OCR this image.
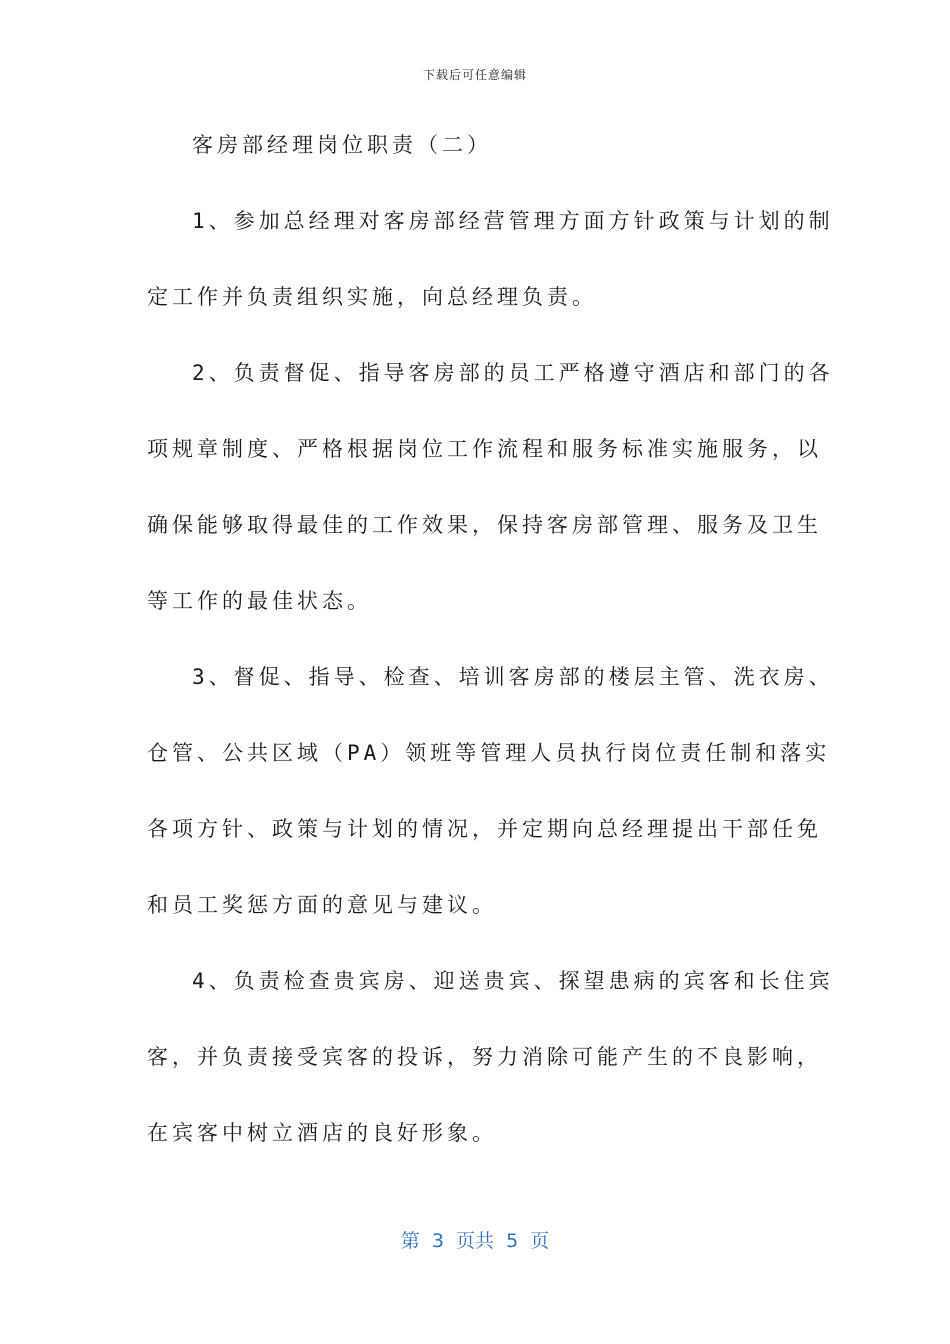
下载后可任意编辑
客房部经理岗位职责（二）
1、参加总经理对客房部经营管理方面方针政策与计划的制
定工作并负责组织实施，向总经理负责。
2、负责督促、指导客房部的员工严格遵守酒店和部门的各
项规章制度、严格根据岗位工作流程和服务标准实施服务，以
确保能够取得最佳的工作效果，保持客房部管理、服务及卫生
等工作的最佳状态。
3、督促、指导、检查、培训客房部的楼层主管、洗衣房、
仓管、公共区域（PA）领班等管理人员执行岗位责任制和落实
各项方针、政策与计划的情况，并定期向总经理提出干部任免
和员工奖惩方面的意见与建议。
4、负责检查贵宾房、迎送贵宾、探望患病的宾客和长住宾
客，并负责接受宾客的投诉，努力消除可能产生的不良影响，
在宾客中树立酒店的良好形象。
第  3  页共  5  页
